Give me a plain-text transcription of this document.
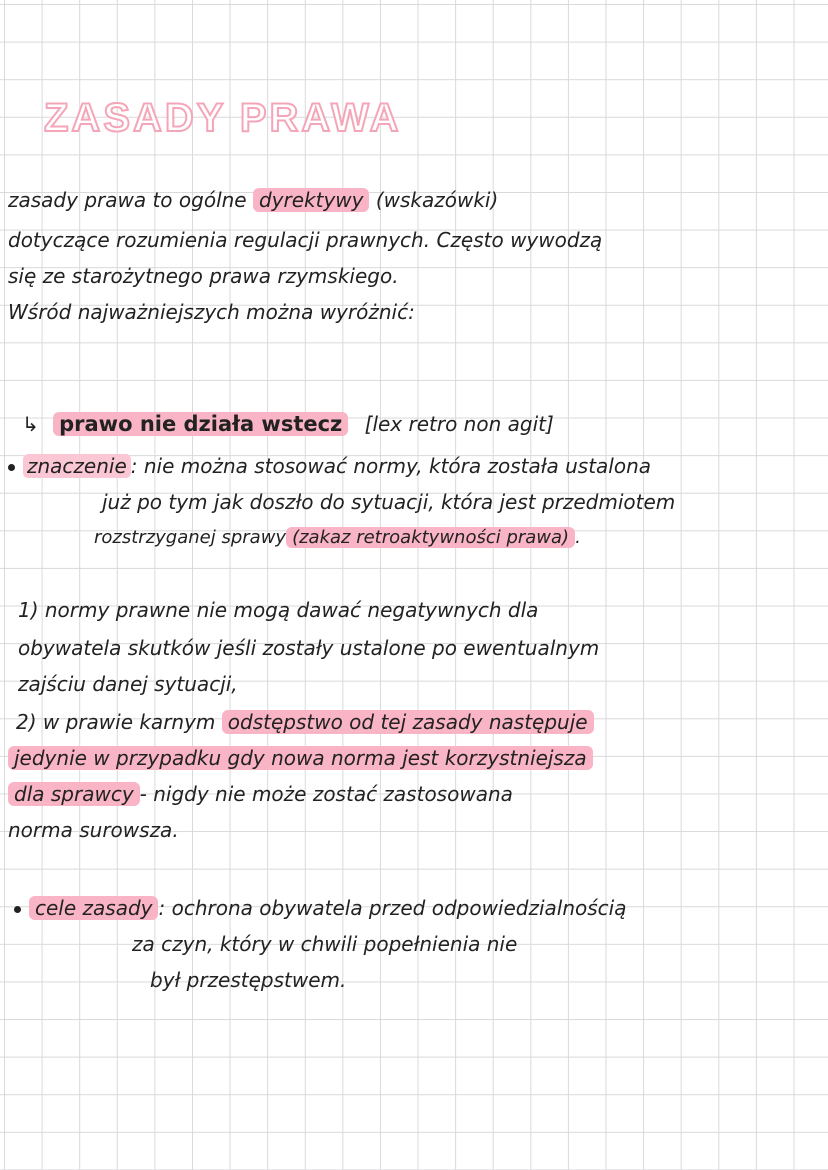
ZASADY PRAWA
zasady prawa to ogólne dyrektywy (wskazówki)
dotyczące rozumienia regulacji prawnych. Często wywodzą
się ze starożytnego prawa rzymskiego.
Wśród najważniejszych można wyróżnić:
↳ prawo nie działa wstecz [lex retro non agit]
znaczenie : nie można stosować normy, która została ustalona
już po tym jak doszło do sytuacji, która jest przedmiotem
rozstrzyganej sprawy (zakaz retroaktywności prawa) .
1) normy prawne nie mogą dawać negatywnych dla
obywatela skutków jeśli zostały ustalone po ewentualnym
zajściu danej sytuacji,
2) w prawie karnym odstępstwo od tej zasady następuje
jedynie w przypadku gdy nowa norma jest korzystniejsza
dla sprawcy - nigdy nie może zostać zastosowana
norma surowsza.
cele zasady : ochrona obywatela przed odpowiedzialnością
za czyn, który w chwili popełnienia nie
był przestępstwem.
